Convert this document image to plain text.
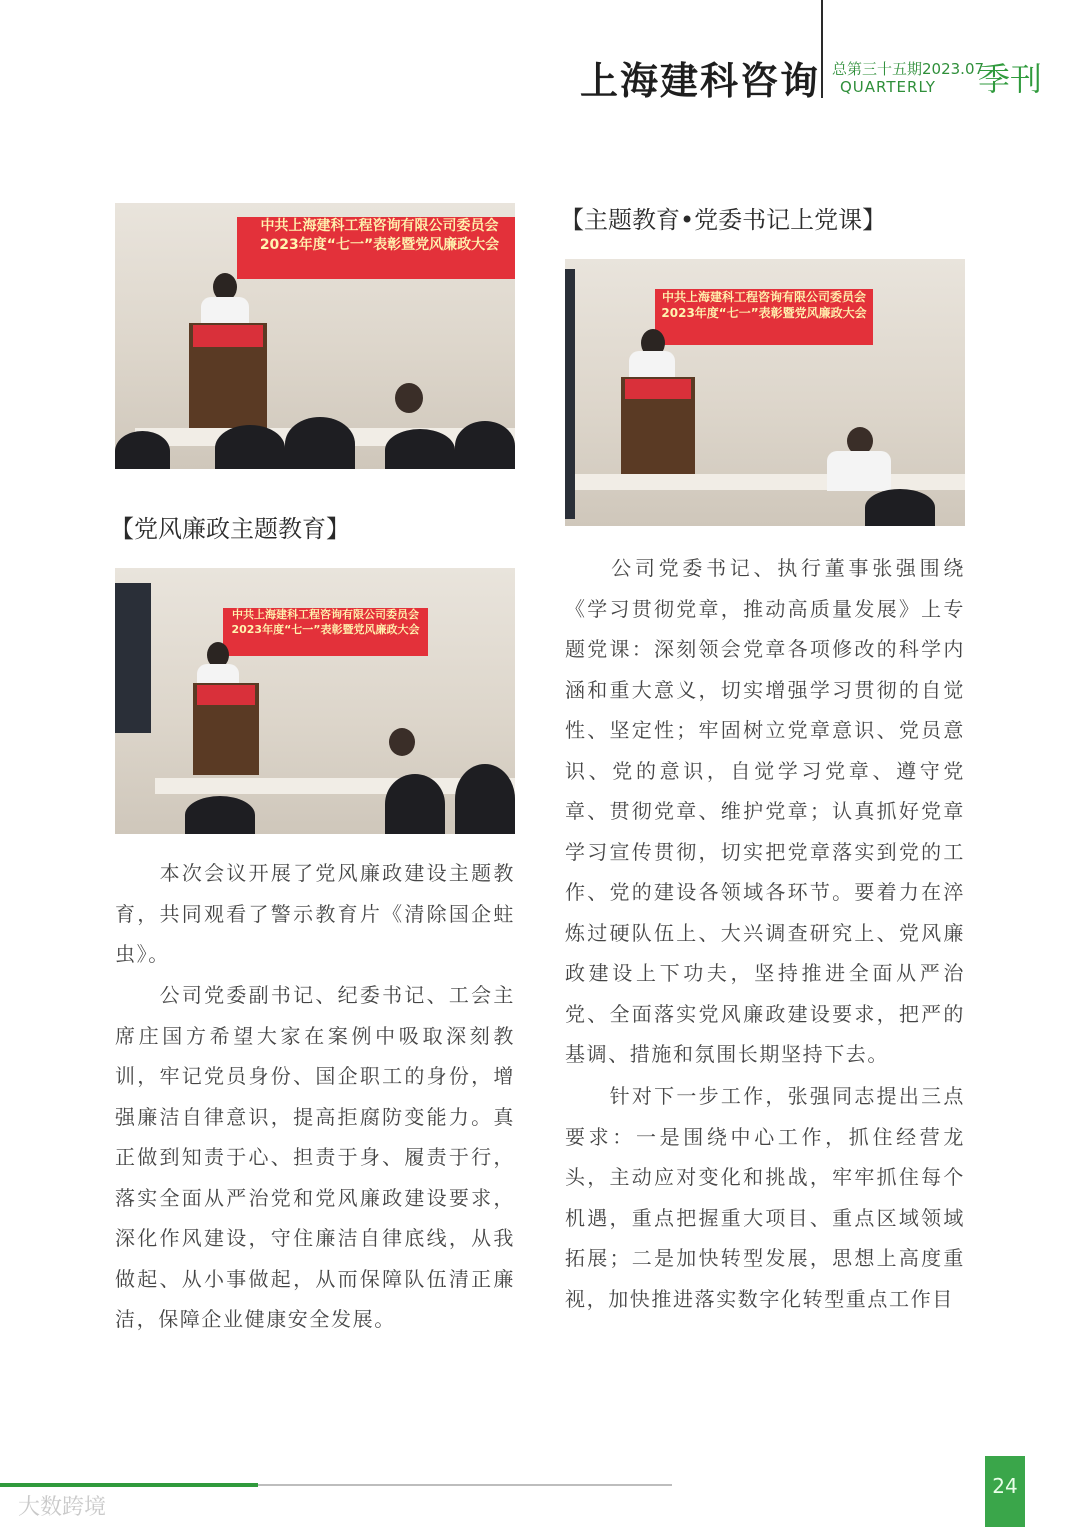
上海建科咨询 总第三十五期2023.07
QUARTERLY 季刊
中共上海建科工程咨询有限公司委员会
2023年度“七一”表彰暨党风廉政大会
【党风廉政主题教育】
中共上海建科工程咨询有限公司委员会
2023年度“七一”表彰暨党风廉政大会

本次会议开展了党风廉政建设主题教育，共同观看了警示教育片《清除国企蛀虫》。

公司党委副书记、纪委书记、工会主席庄国方希望大家在案例中吸取深刻教训，牢记党员身份、国企职工的身份，增强廉洁自律意识，提高拒腐防变能力。真正做到知责于心、担责于身、履责于行，落实全面从严治党和党风廉政建设要求，深化作风建设，守住廉洁自律底线，从我做起、从小事做起，从而保障队伍清正廉洁，保障企业健康安全发展。

【主题教育•党委书记上党课】
中共上海建科工程咨询有限公司委员会
2023年度“七一”表彰暨党风廉政大会

公司党委书记、执行董事张强围绕《学习贯彻党章，推动高质量发展》上专题党课：深刻领会党章各项修改的科学内涵和重大意义，切实增强学习贯彻的自觉性、坚定性；牢固树立党章意识、党员意识、党的意识，自觉学习党章、遵守党章、贯彻党章、维护党章；认真抓好党章学习宣传贯彻，切实把党章落实到党的工作、党的建设各领域各环节。要着力在淬炼过硬队伍上、大兴调查研究上、党风廉政建设上下功夫，坚持推进全面从严治党、全面落实党风廉政建设要求，把严的基调、措施和氛围长期坚持下去。

针对下一步工作，张强同志提出三点要求：一是围绕中心工作，抓住经营龙头，主动应对变化和挑战，牢牢抓住每个机遇，重点把握重大项目、重点区域领域拓展；二是加快转型发展，思想上高度重视，加快推进落实数字化转型重点工作目

大数跨境
24
